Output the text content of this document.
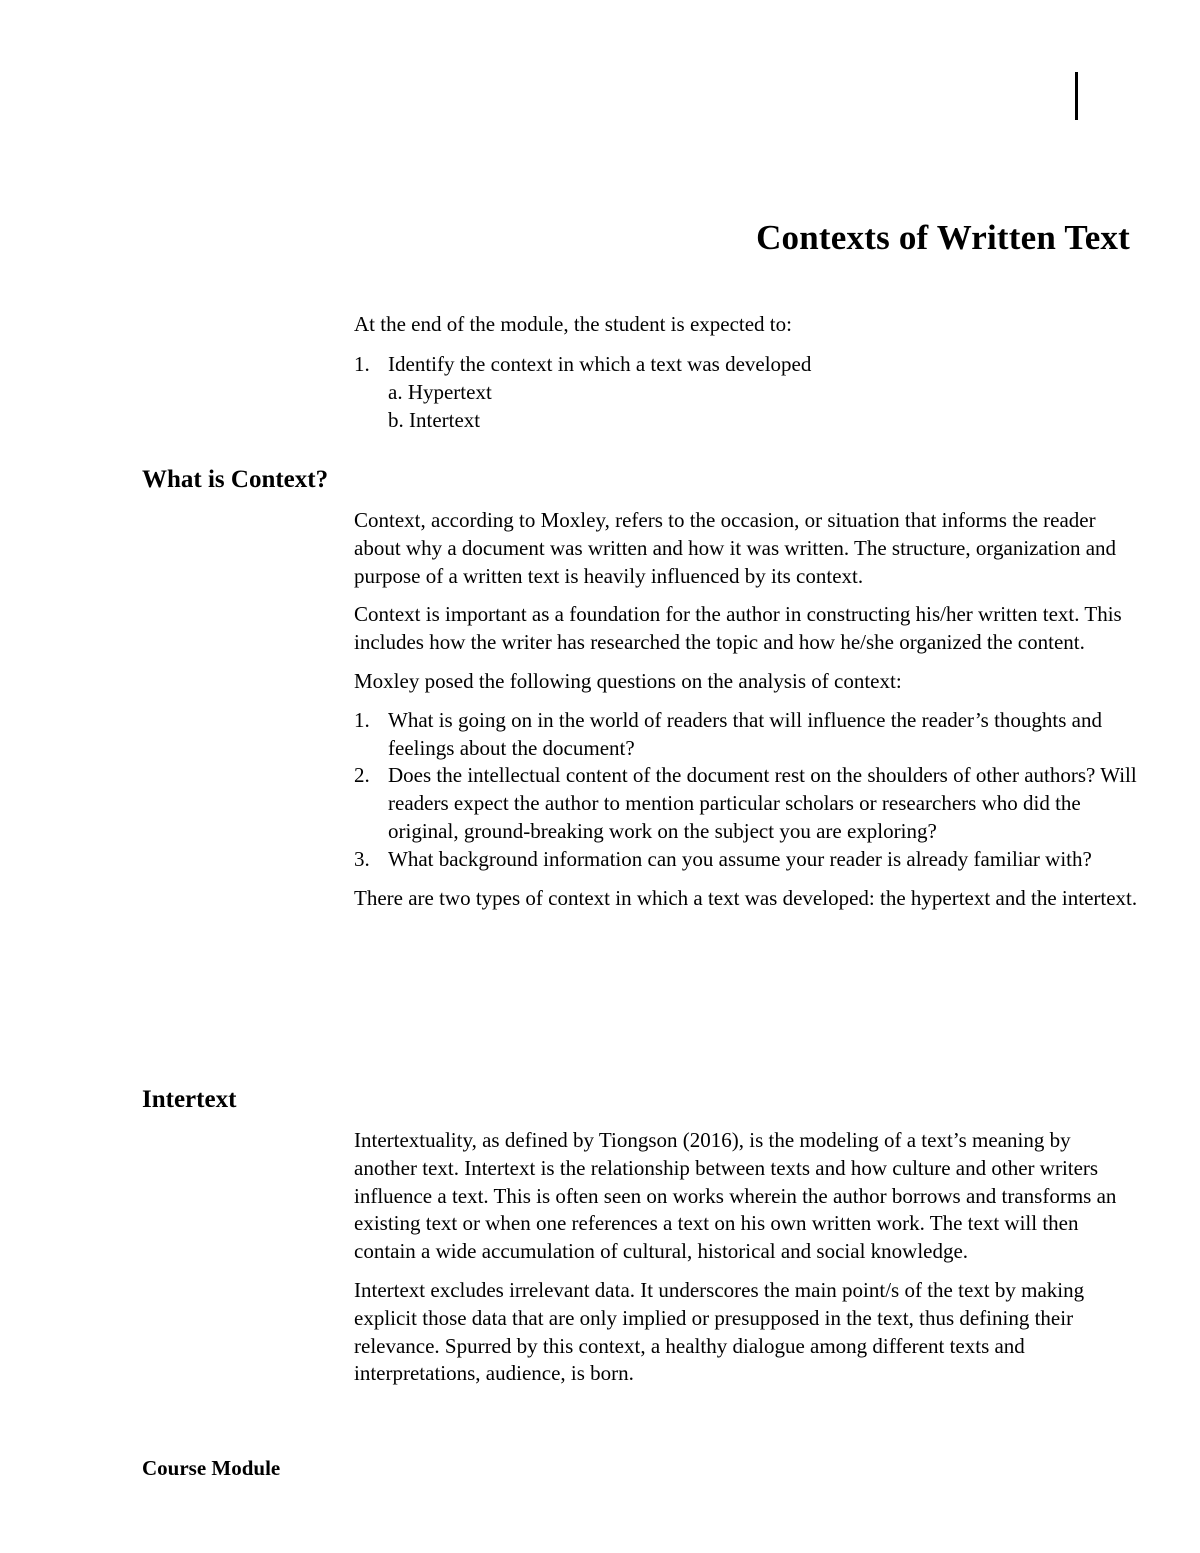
Contexts of Written Text

At the end of the module, the student is expected to:

1. Identify the context in which a text was developed
a. Hypertext
b. Intertext
What is Context?

Context, according to Moxley, refers to the occasion, or situation that informs the reader about why a document was written and how it was written. The structure, organization and purpose of a written text is heavily influenced by its context.

Context is important as a foundation for the author in constructing his/her written text. This includes how the writer has researched the topic and how he/she organized the content.

Moxley posed the following questions on the analysis of context:

1. What is going on in the world of readers that will influence the reader’s thoughts and feelings about the document?
2. Does the intellectual content of the document rest on the shoulders of other authors? Will readers expect the author to mention particular scholars or researchers who did the original, ground-breaking work on the subject you are exploring?
3. What background information can you assume your reader is already familiar with?

There are two types of context in which a text was developed: the hypertext and the intertext.

Intertext

Intertextuality, as defined by Tiongson (2016), is the modeling of a text’s meaning by another text. Intertext is the relationship between texts and how culture and other writers influence a text. This is often seen on works wherein the author borrows and transforms an existing text or when one references a text on his own written work. The text will then contain a wide accumulation of cultural, historical and social knowledge.

Intertext excludes irrelevant data. It underscores the main point/s of the text by making explicit those data that are only implied or presupposed in the text, thus defining their relevance. Spurred by this context, a healthy dialogue among different texts and interpretations, audience, is born.

Course Module
